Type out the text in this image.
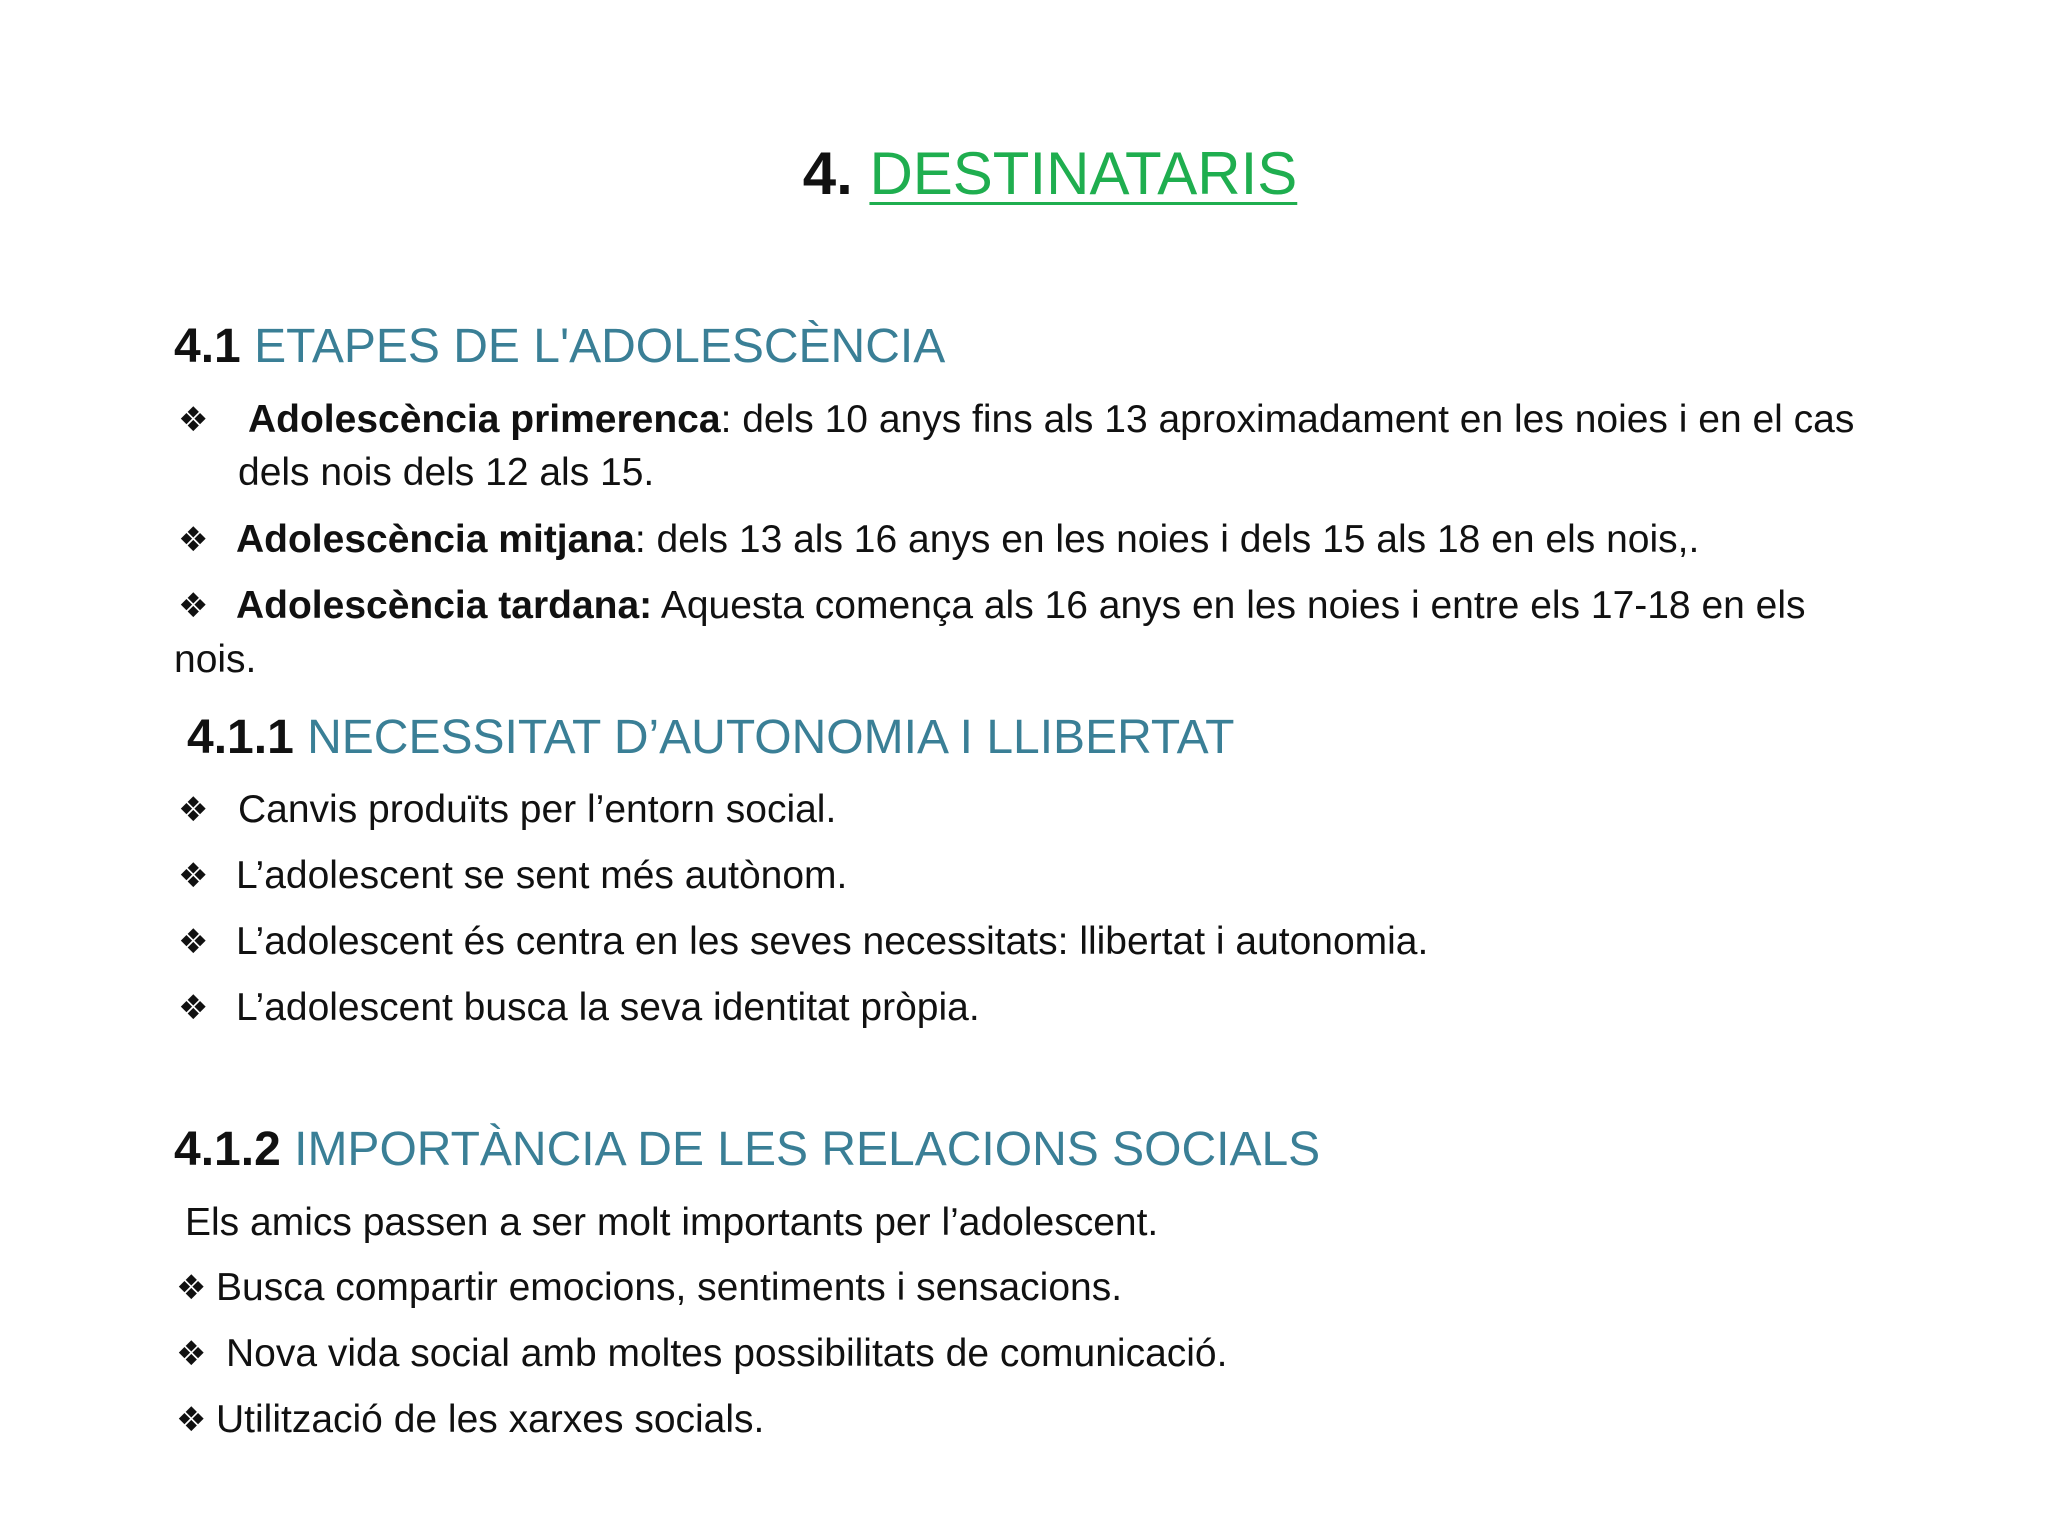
4. DESTINATARIS
4.1 ETAPES DE L'ADOLESCÈNCIA
❖ Adolescència primerenca: dels 10 anys fins als 13 aproximadament en les noies i en el cas
dels nois dels 12 als 15.
❖ Adolescència mitjana: dels 13 als 16 anys en les noies i dels 15 als 18 en els nois,.
❖ Adolescència tardana: Aquesta comença als 16 anys en les noies i entre els 17-18 en els
nois.
4.1.1 NECESSITAT D’AUTONOMIA I LLIBERTAT
❖ Canvis produïts per l’entorn social.
❖ L’adolescent se sent més autònom.
❖ L’adolescent és centra en les seves necessitats: llibertat i autonomia.
❖ L’adolescent busca la seva identitat pròpia.
4.1.2 IMPORTÀNCIA DE LES RELACIONS SOCIALS
Els amics passen a ser molt importants per l’adolescent.
❖ Busca compartir emocions, sentiments i sensacions.
❖ Nova vida social amb moltes possibilitats de comunicació.
❖ Utilització de les xarxes socials.
